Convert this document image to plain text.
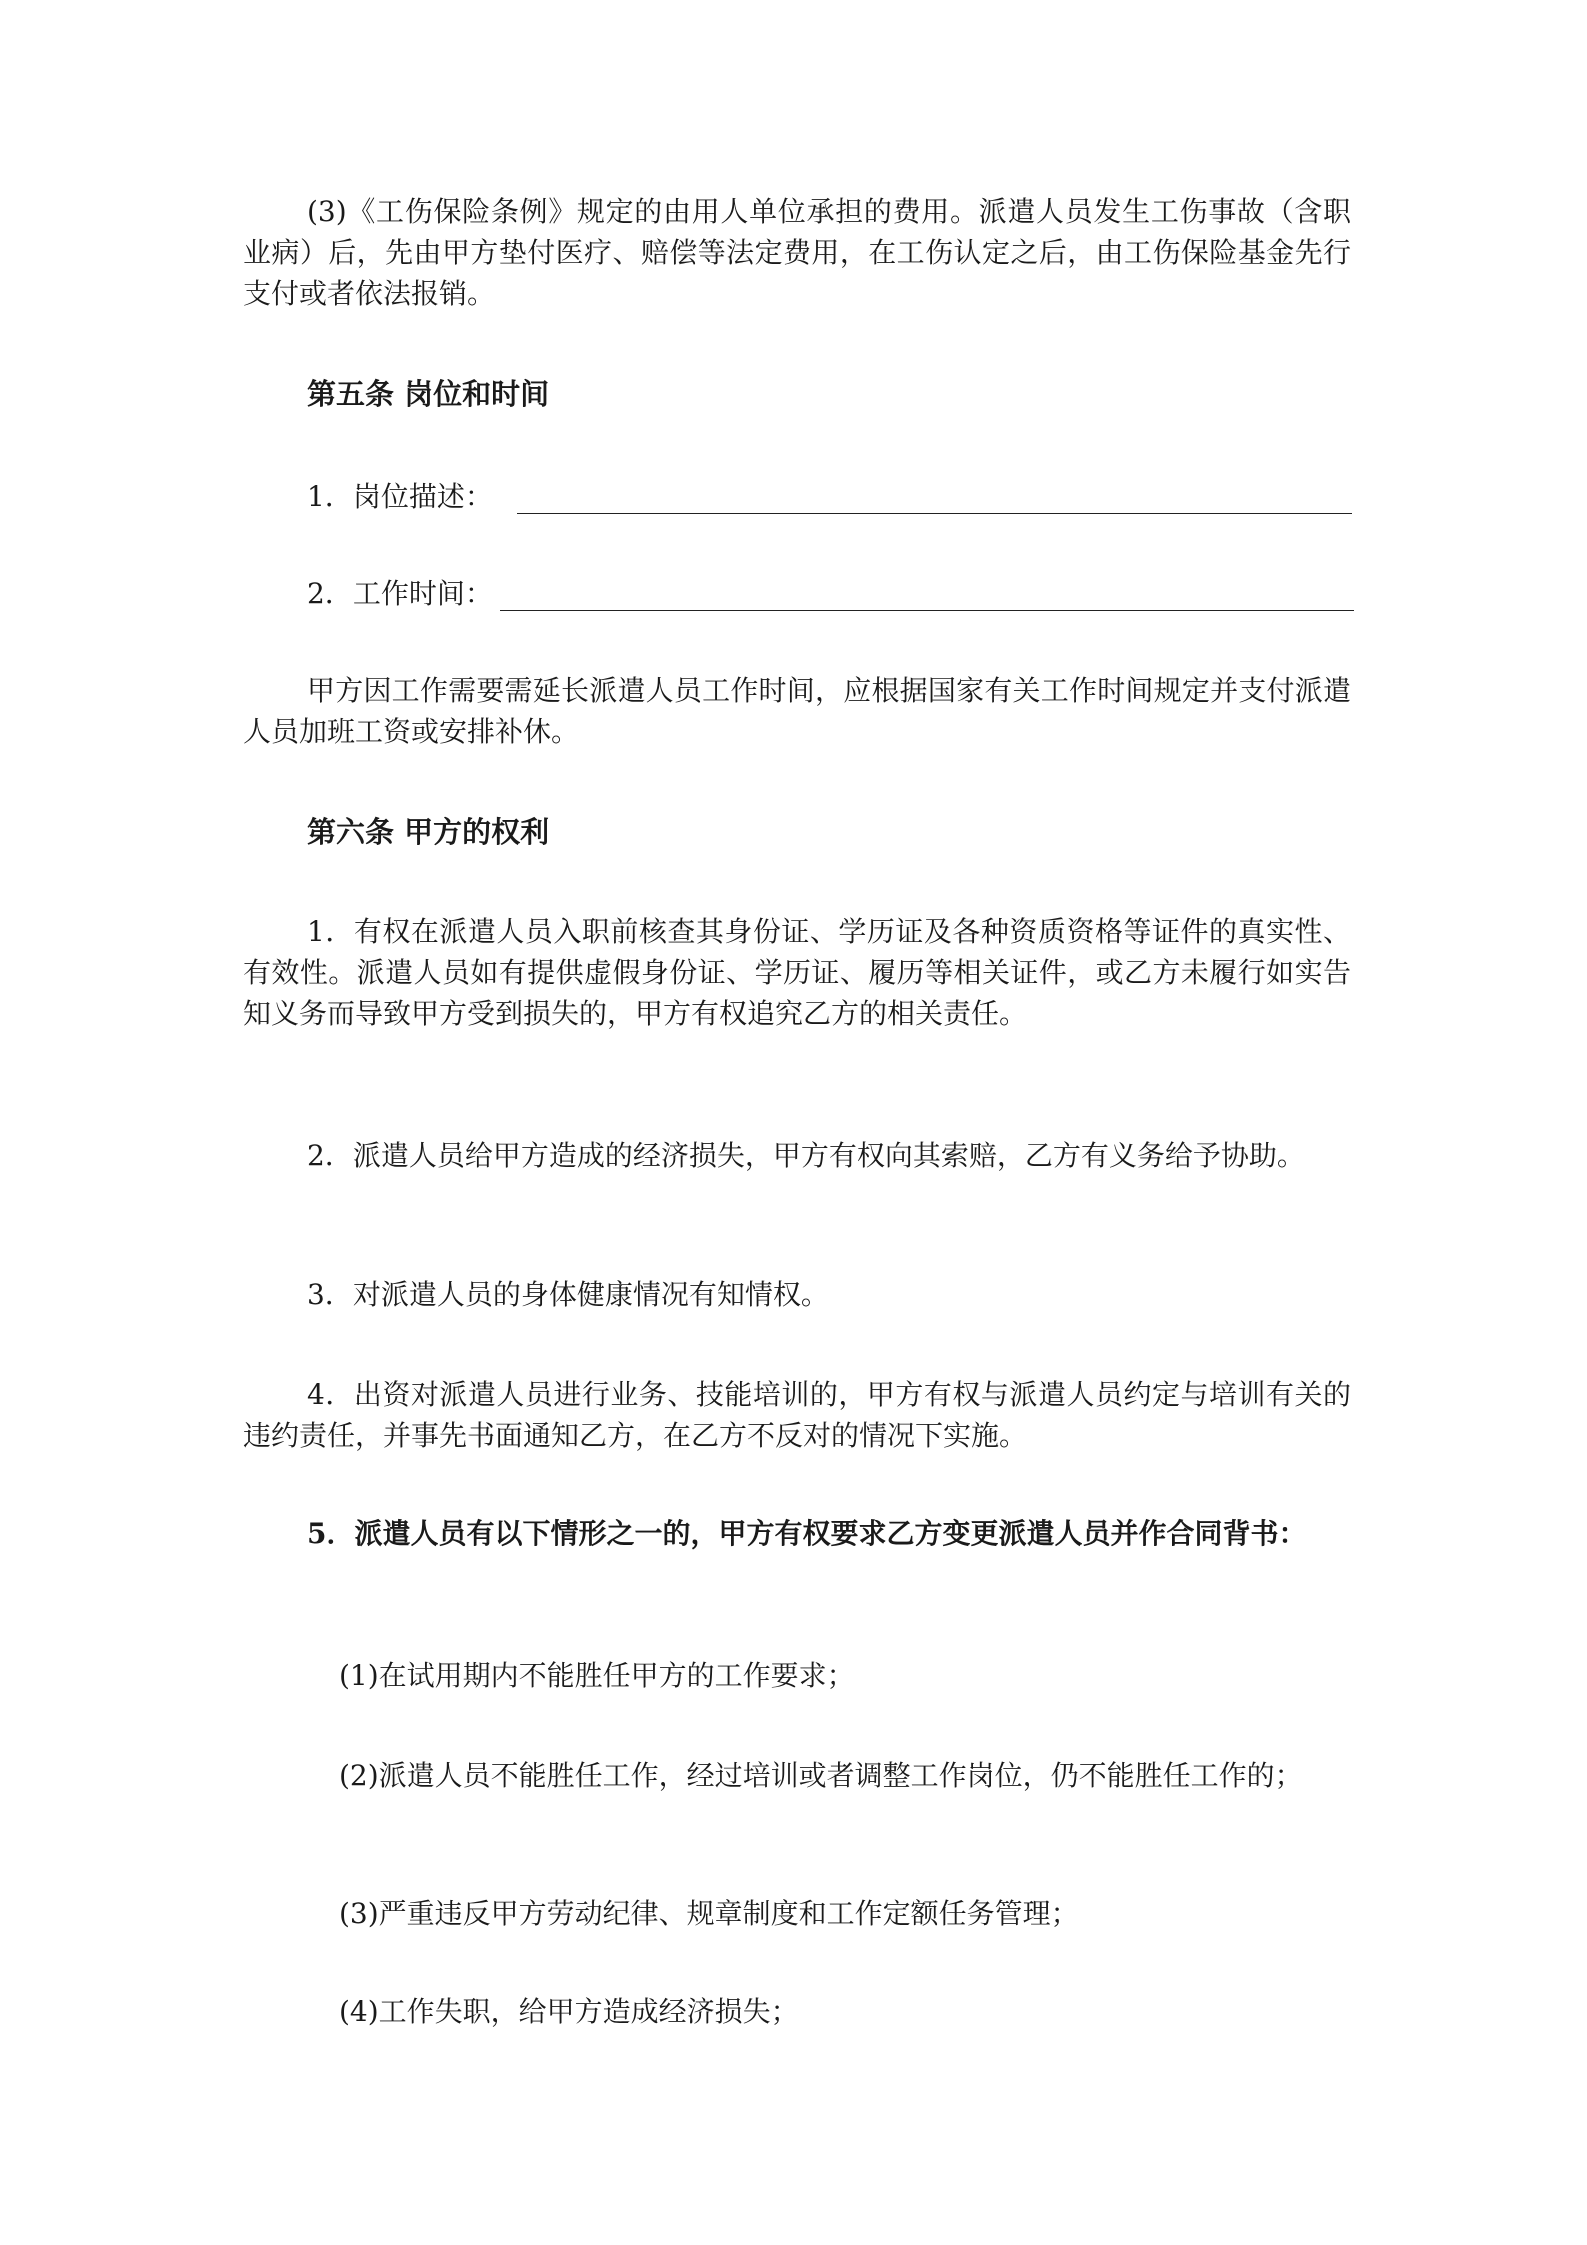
(3)《工伤保险条例》规定的由用人单位承担的费用。派遣人员发生工伤事故（含职业病）后，先由甲方垫付医疗、赔偿等法定费用，在工伤认定之后，由工伤保险基金先行支付或者依法报销。
第五条 岗位和时间
1．岗位描述：
2．工作时间：
甲方因工作需要需延长派遣人员工作时间，应根据国家有关工作时间规定并支付派遣人员加班工资或安排补休。
第六条 甲方的权利
1．有权在派遣人员入职前核查其身份证、学历证及各种资质资格等证件的真实性、有效性。派遣人员如有提供虚假身份证、学历证、履历等相关证件，或乙方未履行如实告知义务而导致甲方受到损失的，甲方有权追究乙方的相关责任。
2．派遣人员给甲方造成的经济损失，甲方有权向其索赔，乙方有义务给予协助。
3．对派遣人员的身体健康情况有知情权。
4．出资对派遣人员进行业务、技能培训的，甲方有权与派遣人员约定与培训有关的违约责任，并事先书面通知乙方，在乙方不反对的情况下实施。
5．派遣人员有以下情形之一的，甲方有权要求乙方变更派遣人员并作合同背书：
(1)在试用期内不能胜任甲方的工作要求；
(2)派遣人员不能胜任工作，经过培训或者调整工作岗位，仍不能胜任工作的；
(3)严重违反甲方劳动纪律、规章制度和工作定额任务管理；
(4)工作失职，给甲方造成经济损失；
